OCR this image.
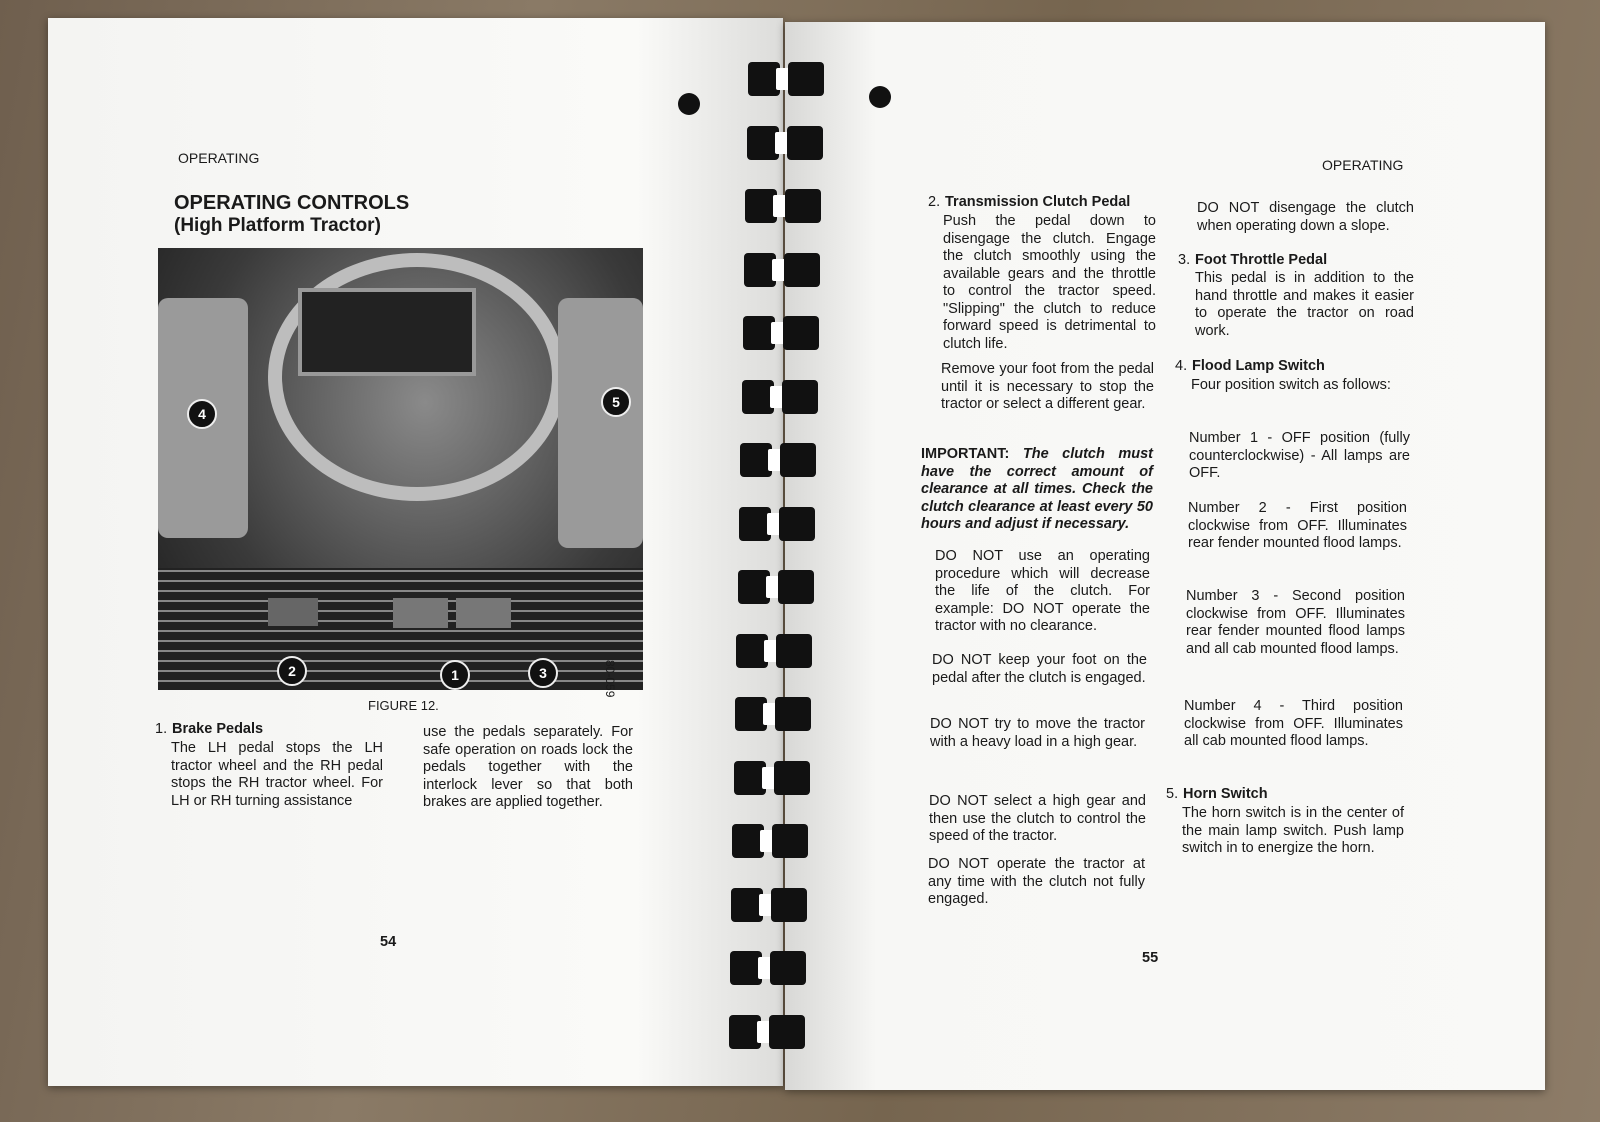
OPERATING
OPERATING CONTROLS
(High Platform Tractor)
4
5
2	1	3	80-059
FIGURE 12.
1. Brake Pedals
The LH pedal stops the LH tractor wheel and the RH pedal stops the RH tractor wheel. For LH or RH turning assistance
use the pedals separately. For safe operation on roads lock the pedals together with the interlock lever so that both brakes are applied together.
54
OPERATING
2. Transmission Clutch Pedal
Push the pedal down to disengage the clutch. Engage the clutch smoothly using the available gears and the throttle to control the tractor speed. "Slipping" the clutch to reduce forward speed is detrimental to clutch life.
Remove your foot from the pedal until it is necessary to stop the tractor or select a different gear.
IMPORTANT: The clutch must have the correct amount of clearance at all times. Check the clutch clearance at least every 50 hours and adjust if necessary.
DO NOT use an operating procedure which will decrease the life of the clutch. For example: DO NOT operate the tractor with no clearance.
DO NOT keep your foot on the pedal after the clutch is engaged.
DO NOT try to move the tractor with a heavy load in a high gear.
DO NOT select a high gear and then use the clutch to control the speed of the tractor.
DO NOT operate the tractor at any time with the clutch not fully engaged.
DO NOT disengage the clutch when operating down a slope.
3. Foot Throttle Pedal
This pedal is in addition to the hand throttle and makes it easier to operate the tractor on road work.
4. Flood Lamp Switch
Four position switch as follows:
Number 1 - OFF position (fully counterclockwise) - All lamps are OFF.
Number 2 - First position clockwise from OFF. Illuminates rear fender mounted flood lamps.
Number 3 - Second position clockwise from OFF. Illuminates rear fender mounted flood lamps and all cab mounted flood lamps.
Number 4 - Third position clockwise from OFF. Illuminates all cab mounted flood lamps.
5. Horn Switch
The horn switch is in the center of the main lamp switch. Push lamp switch in to energize the horn.
55
